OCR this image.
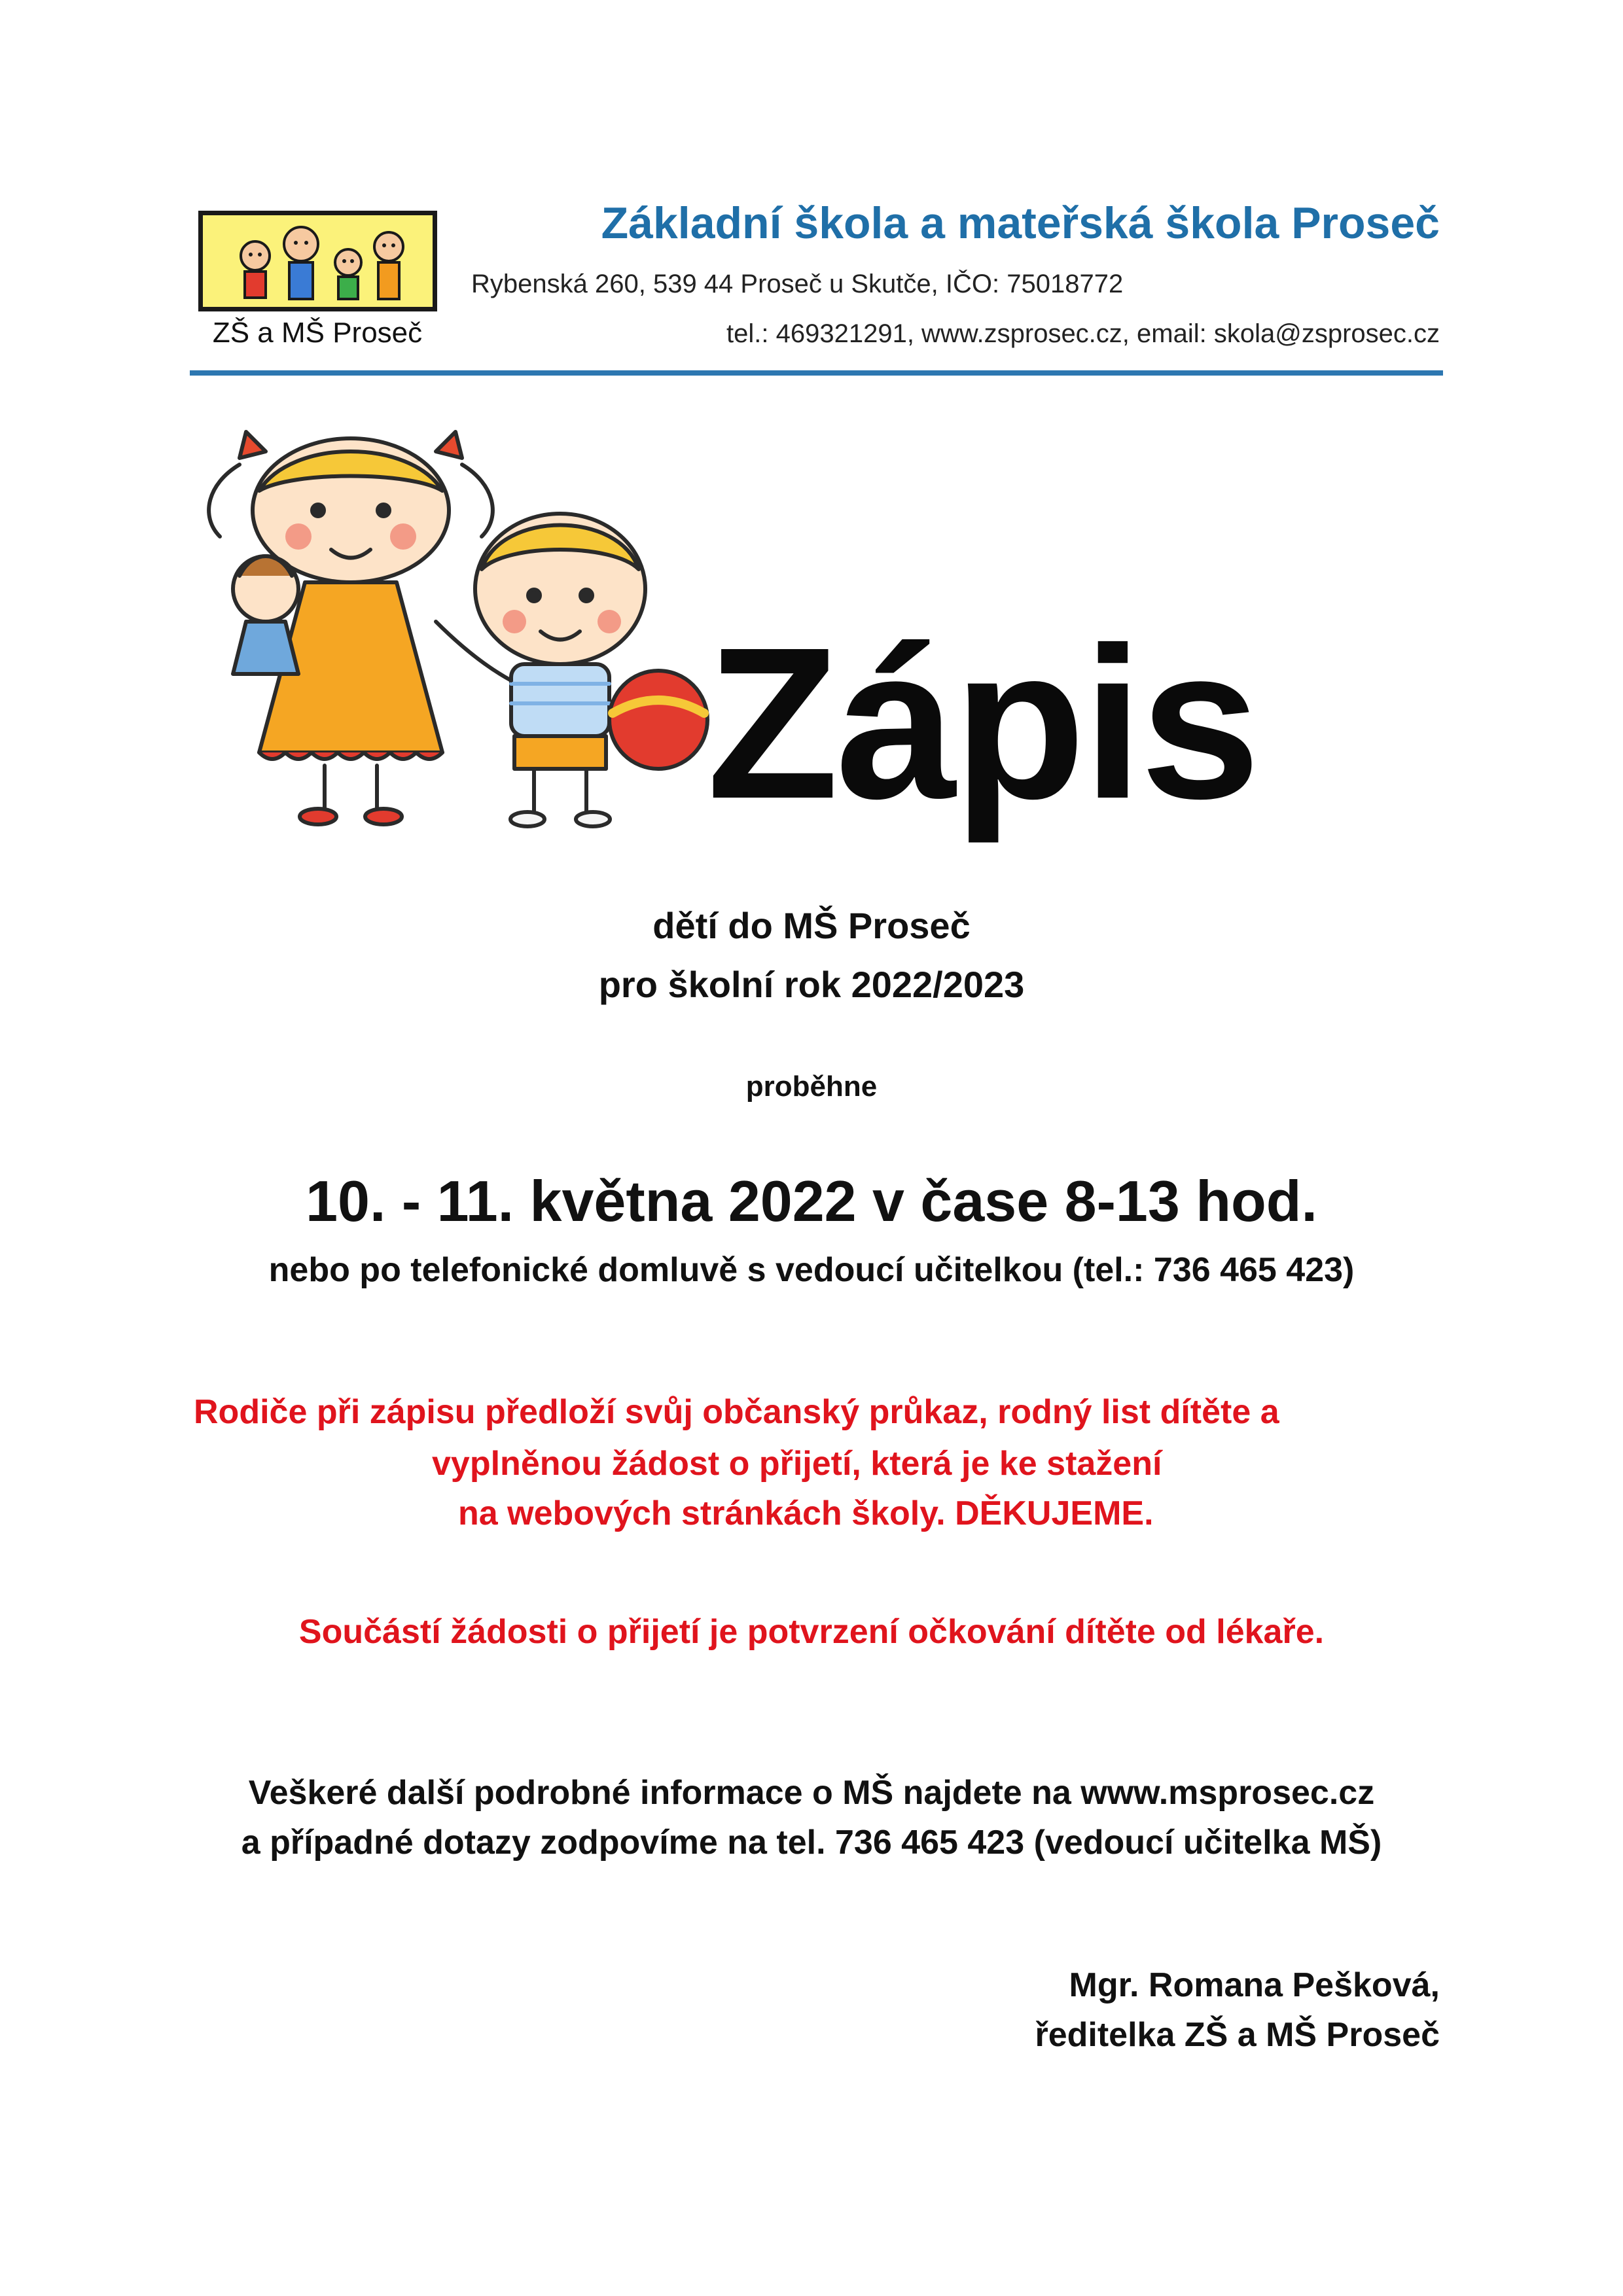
ZŠ a MŠ Proseč
Základní škola a mateřská škola Proseč
Rybenská 260, 539 44 Proseč u Skutče, IČO: 75018772
tel.: 469321291, www.zsprosec.cz, email: skola@zsprosec.cz
Zápis
dětí do MŠ Proseč
pro školní rok 2022/2023
proběhne
10. - 11. května 2022 v čase 8-13 hod.
nebo po telefonické domluvě s vedoucí učitelkou (tel.: 736 465 423)
Rodiče při zápisu předloží svůj občanský průkaz, rodný list dítěte a
vyplněnou žádost o přijetí, která je ke stažení
na webových stránkách školy. DĚKUJEME.
Součástí žádosti o přijetí je potvrzení očkování dítěte od lékaře.
Veškeré další podrobné informace o MŠ najdete na www.msprosec.cz
a případné dotazy zodpovíme na tel. 736 465 423 (vedoucí učitelka MŠ)
Mgr. Romana Pešková,
ředitelka ZŠ a MŠ Proseč
